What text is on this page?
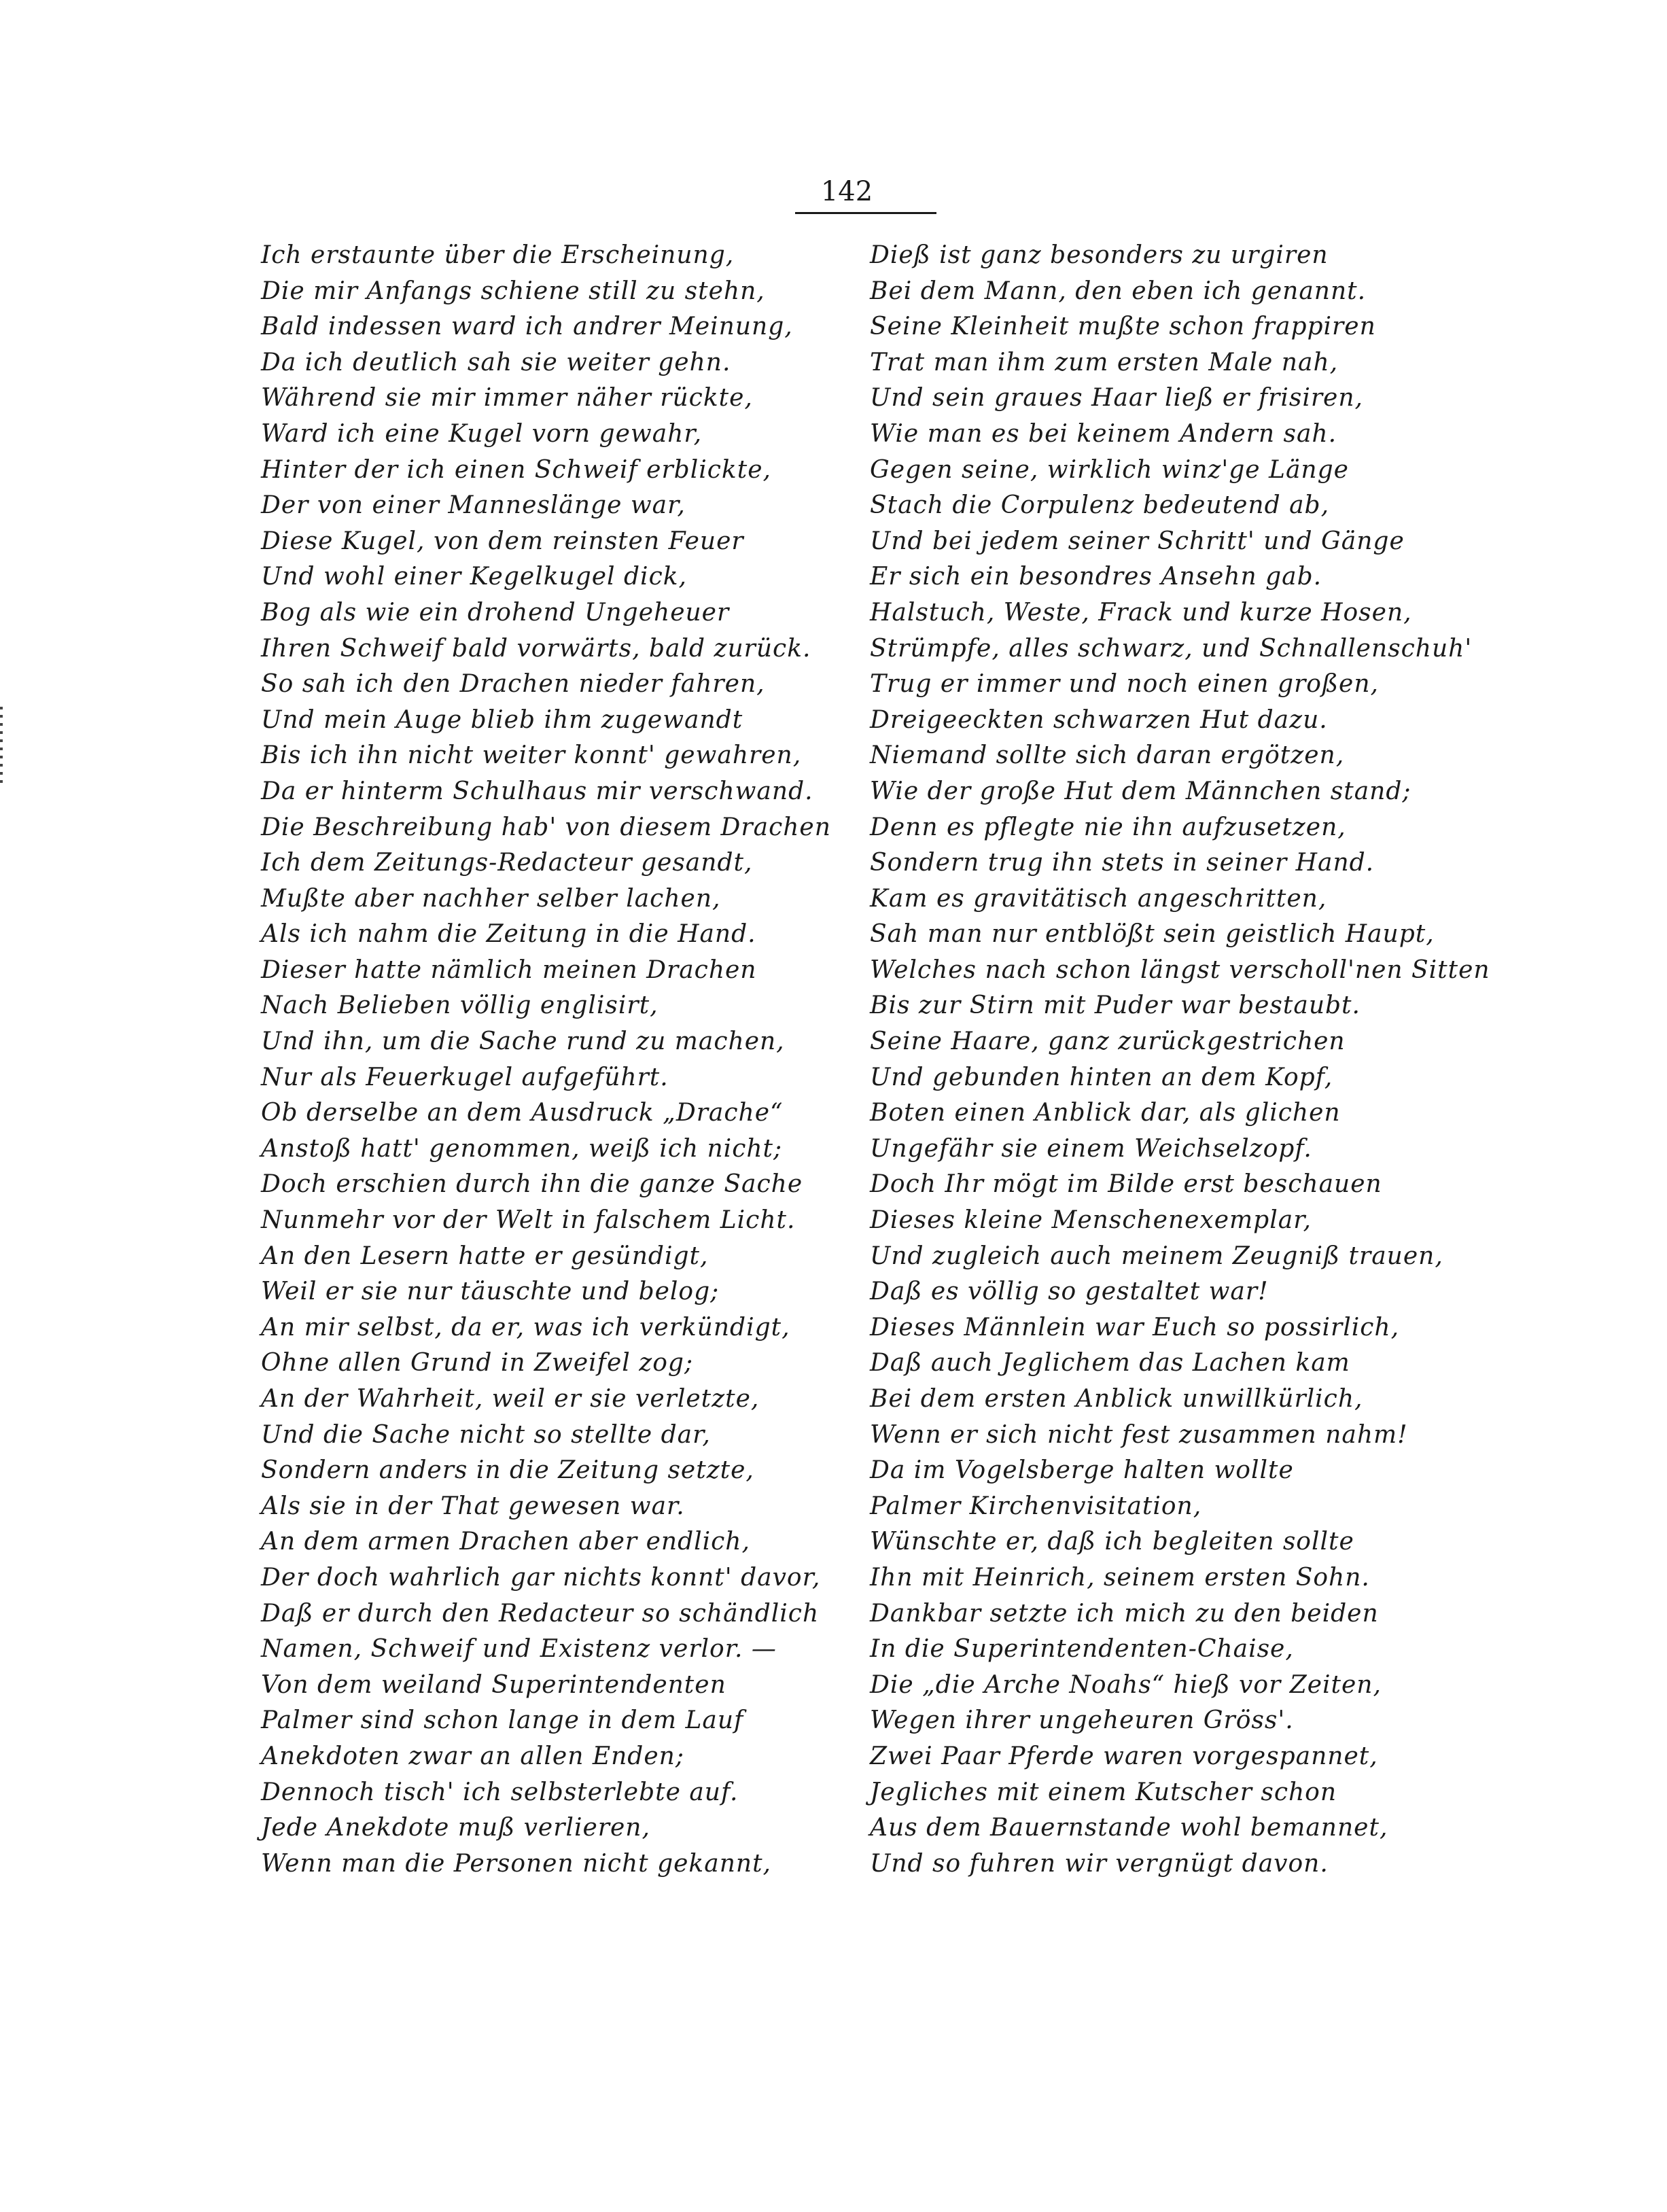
142
Ich erstaunte über die Erscheinung,
Die mir Anfangs schiene still zu stehn,
Bald indessen ward ich andrer Meinung,
Da ich deutlich sah sie weiter gehn.
Während sie mir immer näher rückte,
Ward ich eine Kugel vorn gewahr,
Hinter der ich einen Schweif erblickte,
Der von einer Manneslänge war,
Diese Kugel, von dem reinsten Feuer
Und wohl einer Kegelkugel dick,
Bog als wie ein drohend Ungeheuer
Ihren Schweif bald vorwärts, bald zurück.
So sah ich den Drachen nieder fahren,
Und mein Auge blieb ihm zugewandt
Bis ich ihn nicht weiter konnt' gewahren,
Da er hinterm Schulhaus mir verschwand.
Die Beschreibung hab' von diesem Drachen
Ich dem Zeitungs-Redacteur gesandt,
Mußte aber nachher selber lachen,
Als ich nahm die Zeitung in die Hand.
Dieser hatte nämlich meinen Drachen
Nach Belieben völlig englisirt,
Und ihn, um die Sache rund zu machen,
Nur als Feuerkugel aufgeführt.
Ob derselbe an dem Ausdruck „Drache“
Anstoß hatt' genommen, weiß ich nicht;
Doch erschien durch ihn die ganze Sache
Nunmehr vor der Welt in falschem Licht.
An den Lesern hatte er gesündigt,
Weil er sie nur täuschte und belog;
An mir selbst, da er, was ich verkündigt,
Ohne allen Grund in Zweifel zog;
An der Wahrheit, weil er sie verletzte,
Und die Sache nicht so stellte dar,
Sondern anders in die Zeitung setzte,
Als sie in der That gewesen war.
An dem armen Drachen aber endlich,
Der doch wahrlich gar nichts konnt' davor,
Daß er durch den Redacteur so schändlich
Namen, Schweif und Existenz verlor. —
Von dem weiland Superintendenten
Palmer sind schon lange in dem Lauf
Anekdoten zwar an allen Enden;
Dennoch tisch' ich selbsterlebte auf.
Jede Anekdote muß verlieren,
Wenn man die Personen nicht gekannt,
Dieß ist ganz besonders zu urgiren
Bei dem Mann, den eben ich genannt.
Seine Kleinheit mußte schon frappiren
Trat man ihm zum ersten Male nah,
Und sein graues Haar ließ er frisiren,
Wie man es bei keinem Andern sah.
Gegen seine, wirklich winz'ge Länge
Stach die Corpulenz bedeutend ab,
Und bei jedem seiner Schritt' und Gänge
Er sich ein besondres Ansehn gab.
Halstuch, Weste, Frack und kurze Hosen,
Strümpfe, alles schwarz, und Schnallenschuh'
Trug er immer und noch einen großen,
Dreigeeckten schwarzen Hut dazu.
Niemand sollte sich daran ergötzen,
Wie der große Hut dem Männchen stand;
Denn es pflegte nie ihn aufzusetzen,
Sondern trug ihn stets in seiner Hand.
Kam es gravitätisch angeschritten,
Sah man nur entblößt sein geistlich Haupt,
Welches nach schon längst verscholl'nen Sitten
Bis zur Stirn mit Puder war bestaubt.
Seine Haare, ganz zurückgestrichen
Und gebunden hinten an dem Kopf,
Boten einen Anblick dar, als glichen
Ungefähr sie einem Weichselzopf.
Doch Ihr mögt im Bilde erst beschauen
Dieses kleine Menschenexemplar,
Und zugleich auch meinem Zeugniß trauen,
Daß es völlig so gestaltet war!
Dieses Männlein war Euch so possirlich,
Daß auch Jeglichem das Lachen kam
Bei dem ersten Anblick unwillkürlich,
Wenn er sich nicht fest zusammen nahm!
Da im Vogelsberge halten wollte
Palmer Kirchenvisitation,
Wünschte er, daß ich begleiten sollte
Ihn mit Heinrich, seinem ersten Sohn.
Dankbar setzte ich mich zu den beiden
In die Superintendenten-Chaise,
Die „die Arche Noahs“ hieß vor Zeiten,
Wegen ihrer ungeheuren Gröss'.
Zwei Paar Pferde waren vorgespannet,
Jegliches mit einem Kutscher schon
Aus dem Bauernstande wohl bemannet,
Und so fuhren wir vergnügt davon.
